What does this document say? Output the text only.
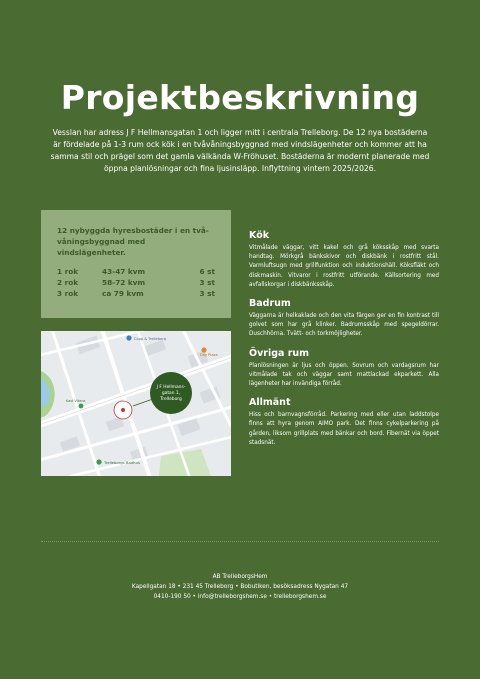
Projektbeskrivning

Vesslan har adress J F Hellmansgatan 1 och ligger mitt i centrala Trelleborg. De 12 nya bostäderna är fördelade på 1-3 rum ock kök i en tvåvåningsbyggnad med vindslägenheter och kommer att ha samma stil och prägel som det gamla välkända W-Fröhuset. Bostäderna är modernt planerade med öppna planlösningar och fina ljusinsläpp. Inflyttning vintern 2025/2026.

12 nybyggda hyresbostäder i en två-våningsbyggnad med vindslägenheter.

1 rok	43-47 kvm	6 st
2 rok	58-72 kvm	3 st
3 rok	ca 79 kvm	3 st
Coop & Trelleborg
City Plaza
Kast Vikens
Trelleborgs Badhus
J F Hellmans-
gatan 1,
Trelleborg
Kök

Vitmålade väggar, vitt kakel och grå köksskåp med svarta handtag. Mörkgrå bänkskivor och diskbänk i rostfritt stål. Varmluftsugn med grillfunktion och induktionshäll. Köksfläkt och diskmaskin. Vitvaror i rostfritt utförande. Källsortering med avfallskorgar i diskbänksskåp.

Badrum

Väggarna är helkaklade och den vita färgen ger en fin kontrast till golvet som har grå klinker. Badrumsskåp med spegeldörrar. Duschhörna. Tvätt- och torkmöjligheter.

Övriga rum

Planlösningen är ljus och öppen. Sovrum och vardagsrum har vitmålade tak och väggar samt mattlackad ekparkett. Alla lägenheter har invändiga förråd.

Allmänt

Hiss och barnvagnsförråd. Parkering med eller utan laddstolpe finns att hyra genom AIMO park. Det finns cykelparkering på gården, liksom grillplats med bänkar och bord. Fibernät via öppet stadsnät.

AB TrelleborgsHem
Kapellgatan 18 • 231 45 Trelleborg • Bobutiken, besöksadress Nygatan 47
0410-190 50 • info@trelleborgshem.se • trelleborgshem.se
